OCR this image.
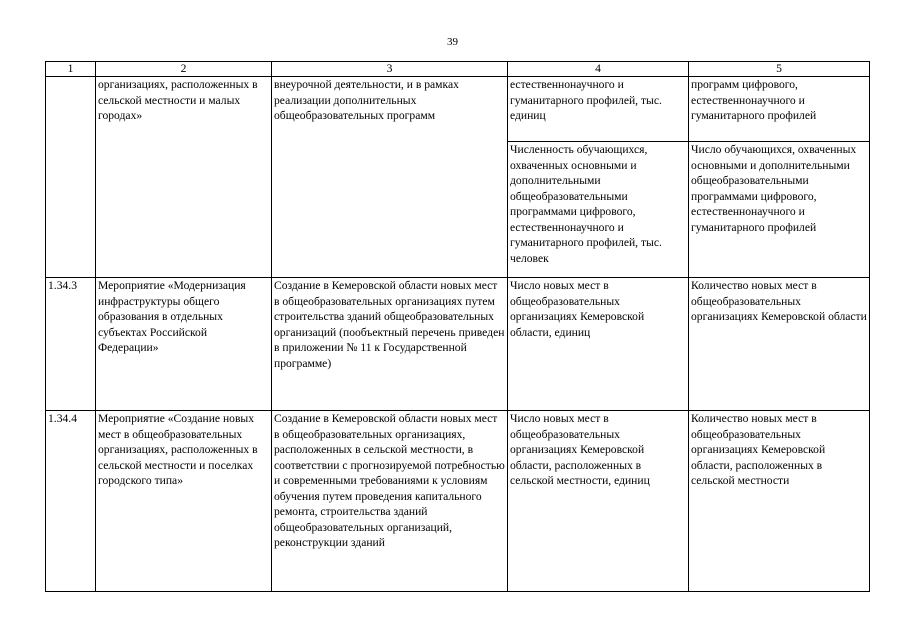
39
1	2	3	4	5
	организациях, расположенных в сельской местности и малых городах»	внеурочной деятельности, и в рамках реализации дополнительных общеобразовательных программ	естественнонаучного и гуманитарного профилей, тыс. единиц	программ цифрового, естественнонаучного и гуманитарного профилей
			Численность обучающихся, охваченных основными и дополнительными общеобразовательными программами цифрового, естественнонаучного и гуманитарного профилей, тыс. человек	Число обучающихся, охваченных основными и дополнительными общеобразовательными программами цифрового, естественнонаучного и гуманитарного профилей
1.34.3	Мероприятие «Модернизация инфраструктуры общего образования в отдельных субъектах Российской Федерации»	Создание в Кемеровской области новых мест в общеобразовательных организациях путем строительства зданий общеобразовательных организаций (пообъектный перечень приведен в приложении № 11 к Государственной программе)	Число новых мест в общеобразовательных организациях Кемеровской области, единиц	Количество новых мест в общеобразовательных организациях Кемеровской области
1.34.4	Мероприятие «Создание новых мест в общеобразовательных организациях, расположенных в сельской местности и поселках городского типа»	Создание в Кемеровской области новых мест в общеобразовательных организациях, расположенных в сельской местности, в соответствии с прогнозируемой потребностью и современными требованиями к условиям обучения путем проведения капитального ремонта, строительства зданий общеобразовательных организаций, реконструкции зданий	Число новых мест в общеобразовательных организациях Кемеровской области, расположенных в сельской местности, единиц	Количество новых мест в общеобразовательных организациях Кемеровской области, расположенных в сельской местности
